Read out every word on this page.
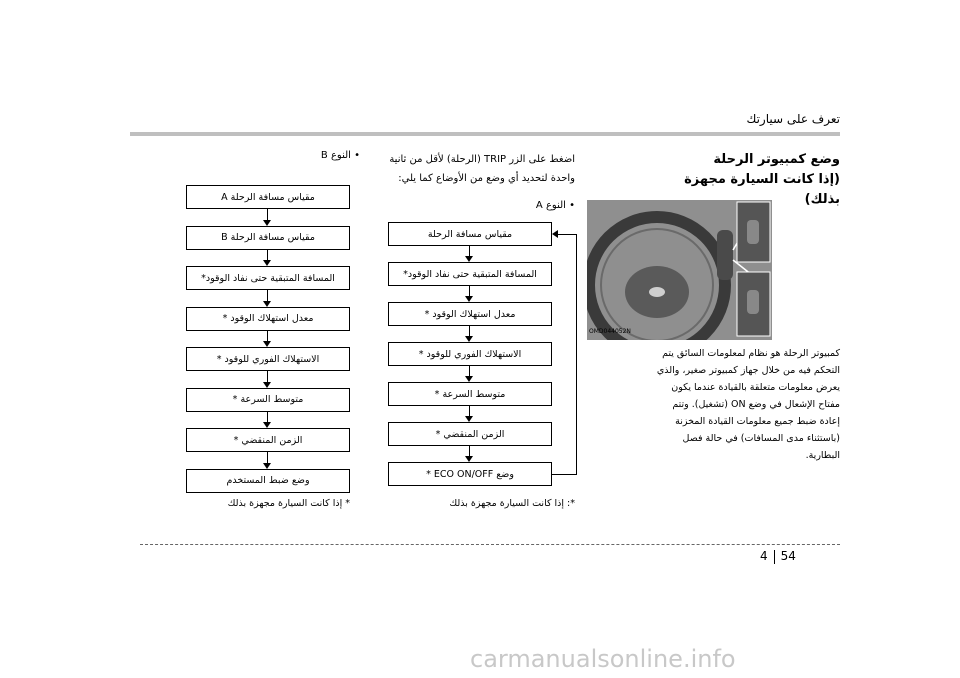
تعرف على سيارتك
وضع كمبيوتر الرحلة
(إذا كانت السيارة مجهزة بذلك)
OMD044052N
كمبيوتر الرحلة هو نظام لمعلومات السائق يتم التحكم فيه من خلال جهاز كمبيوتر صغير، والذي يعرض معلومات متعلقة بالقيادة عندما يكون مفتاح الإشعال في وضع ON (تشغيل). وتتم إعادة ضبط جميع معلومات القيادة المخزنة (باستثناء مدى المسافات) في حالة فصل البطارية.
اضغط على الزر TRIP (الرحلة) لأقل من ثانية واحدة لتحديد أي وضع من الأوضاع كما يلي:
• النوع A
مقياس مسافة الرحلة
المسافة المتبقية حتى نفاد الوقود*
معدل استهلاك الوقود *
الاستهلاك الفوري للوقود *
متوسط السرعة *
الزمن المنقضي *
وضع ECO ON/OFF *
*: إذا كانت السيارة مجهزة بذلك
• النوع B
مقياس مسافة الرحلة A
مقياس مسافة الرحلة B
المسافة المتبقية حتى نفاد الوقود*
معدل استهلاك الوقود *
الاستهلاك الفوري للوقود *
متوسط السرعة *
الزمن المنقضي *
وضع ضبط المستخدم
* إذا كانت السيارة مجهزة بذلك
4 54
carmanualsonline.info
